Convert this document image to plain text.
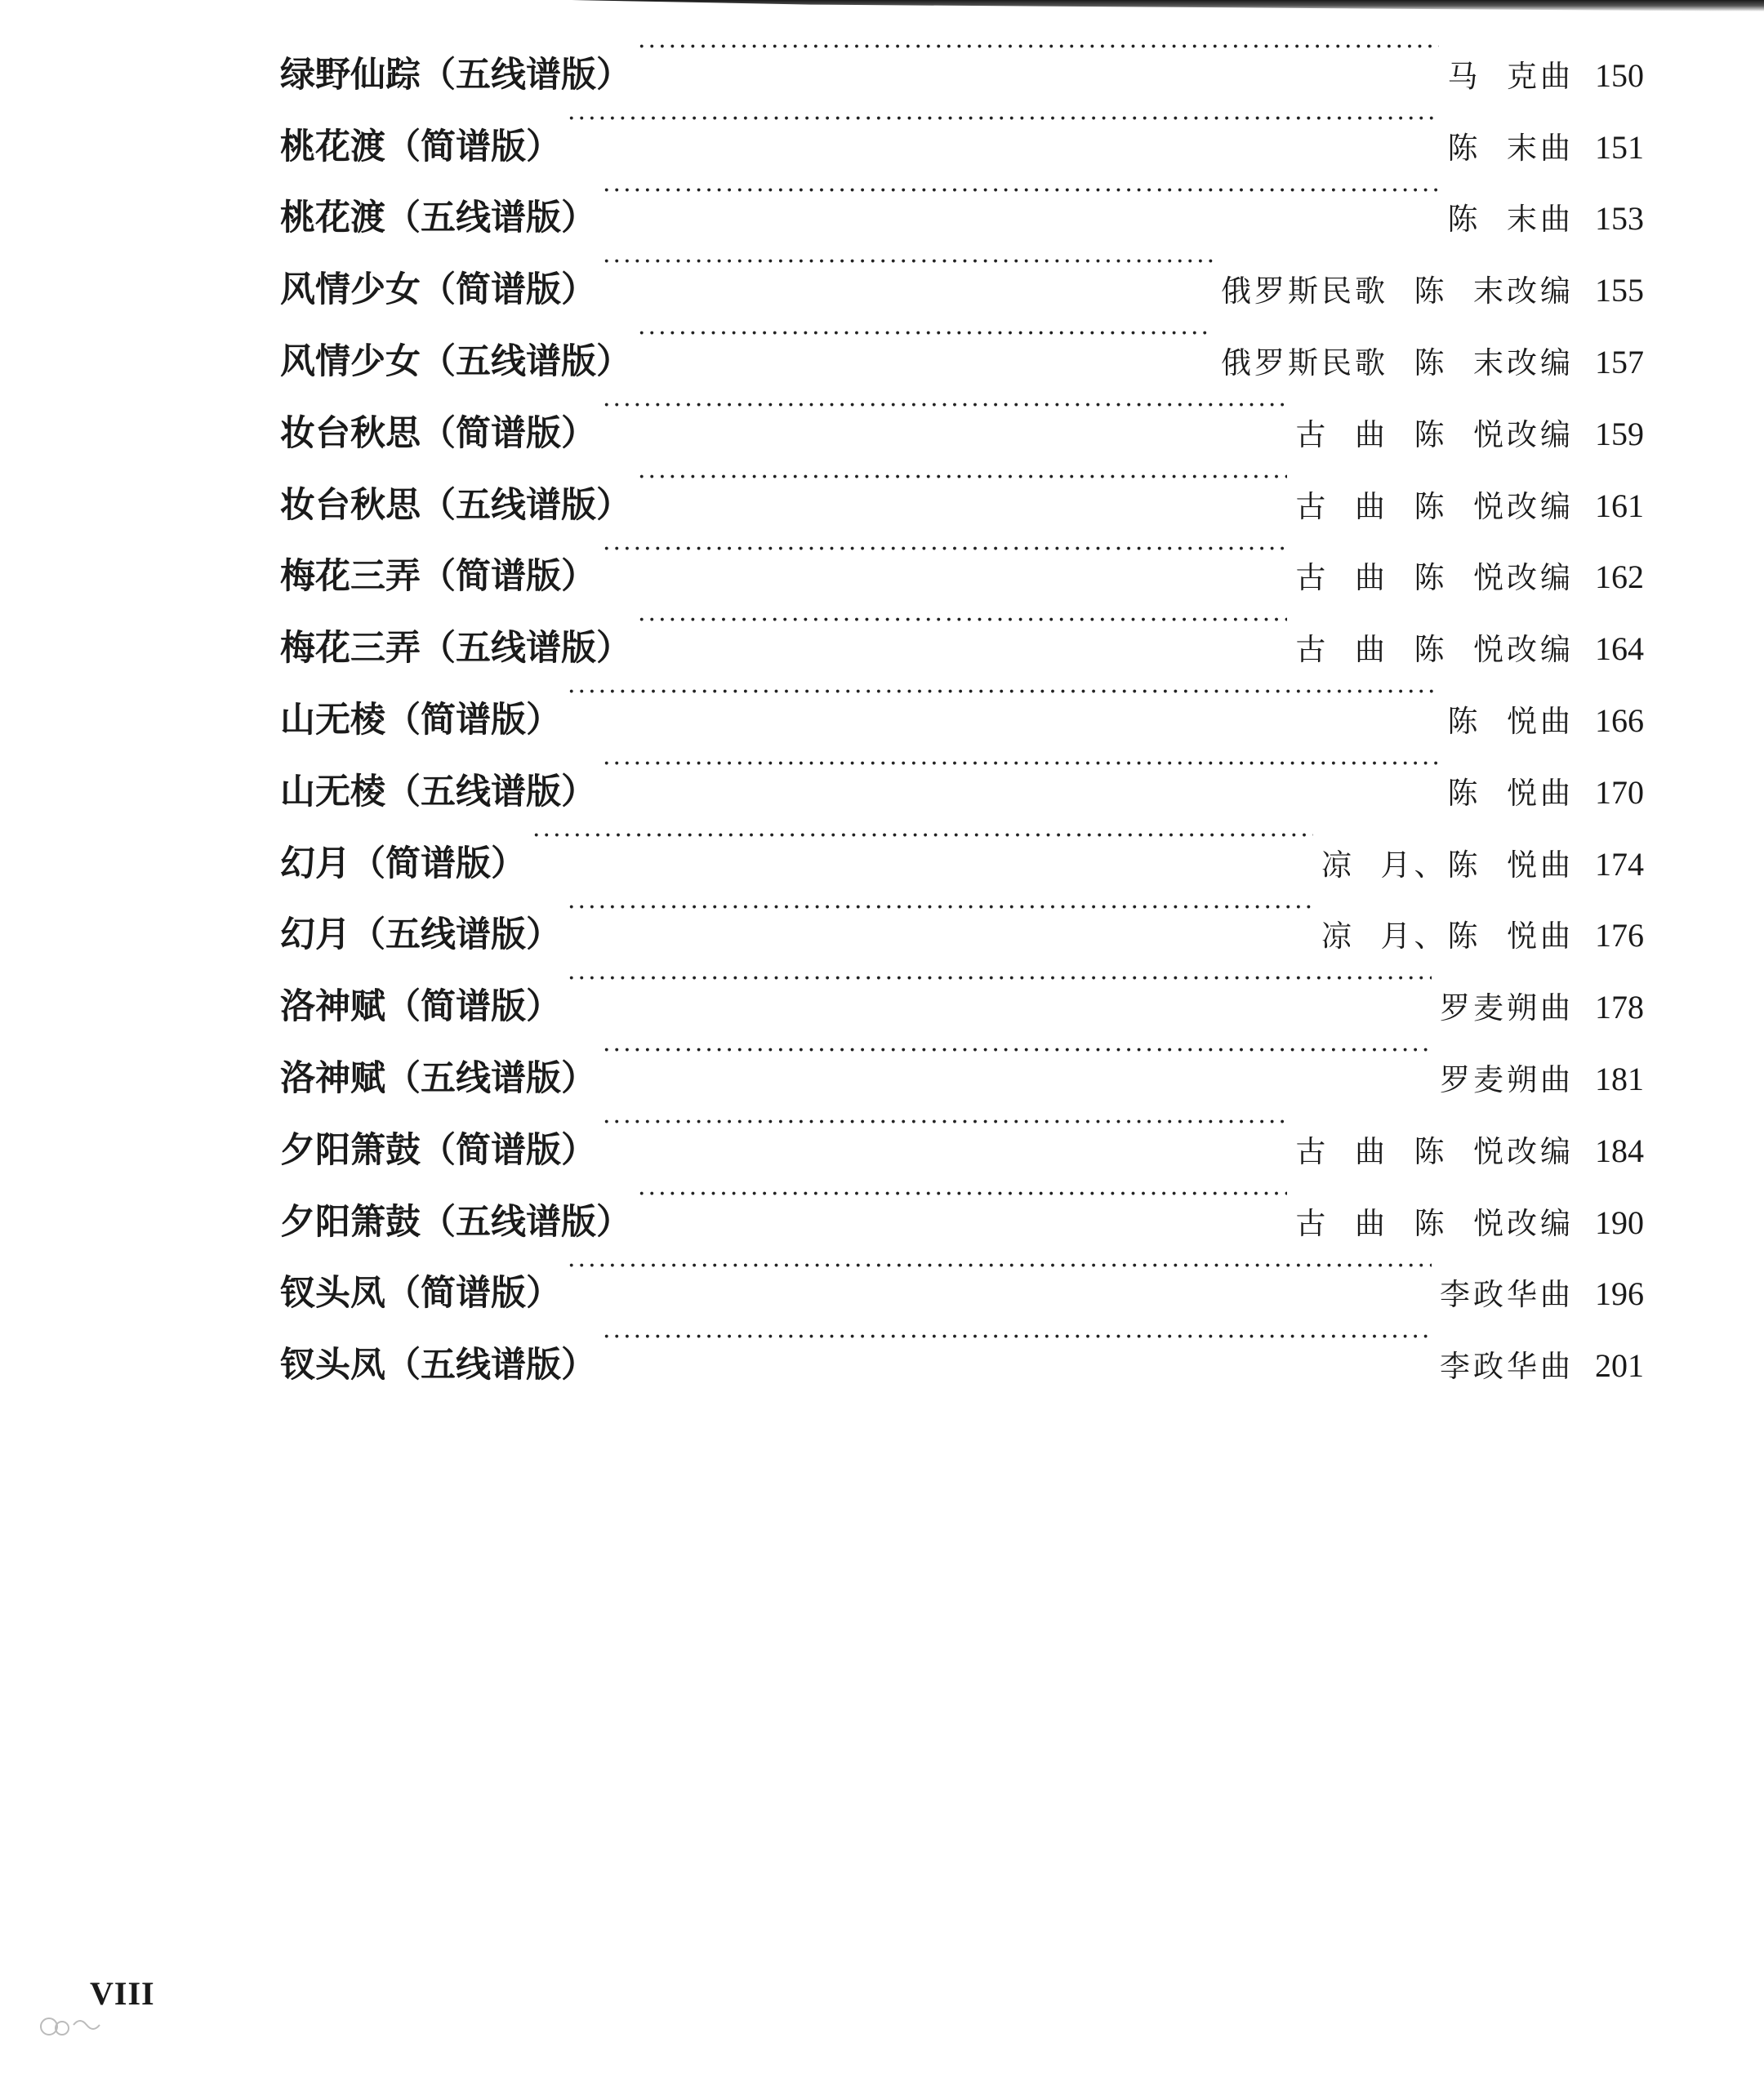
绿野仙踪（五线谱版） ·····	马  克曲 150
桃花渡（简谱版） ·····	陈  末曲 151
桃花渡（五线谱版） ·····	陈  末曲 153
风情少女（简谱版） ·····	俄罗斯民歌  陈  末改编 155
风情少女（五线谱版） ·····	俄罗斯民歌  陈  末改编 157
妆台秋思（简谱版） ·····	古  曲  陈  悦改编 159
妆台秋思（五线谱版） ·····	古  曲  陈  悦改编 161
梅花三弄（简谱版） ·····	古  曲  陈  悦改编 162
梅花三弄（五线谱版） ·····	古  曲  陈  悦改编 164
山无棱（简谱版） ·····	陈  悦曲 166
山无棱（五线谱版） ·····	陈  悦曲 170
幻月（简谱版） ·····	凉  月、陈  悦曲 174
幻月（五线谱版） ·····	凉  月、陈  悦曲 176
洛神赋（简谱版） ·····	罗麦朔曲 178
洛神赋（五线谱版） ·····	罗麦朔曲 181
夕阳箫鼓（简谱版） ·····	古  曲  陈  悦改编 184
夕阳箫鼓（五线谱版） ·····	古  曲  陈  悦改编 190
钗头凤（简谱版） ·····	李政华曲 196
钗头凤（五线谱版） ·····	李政华曲 201
VIII
